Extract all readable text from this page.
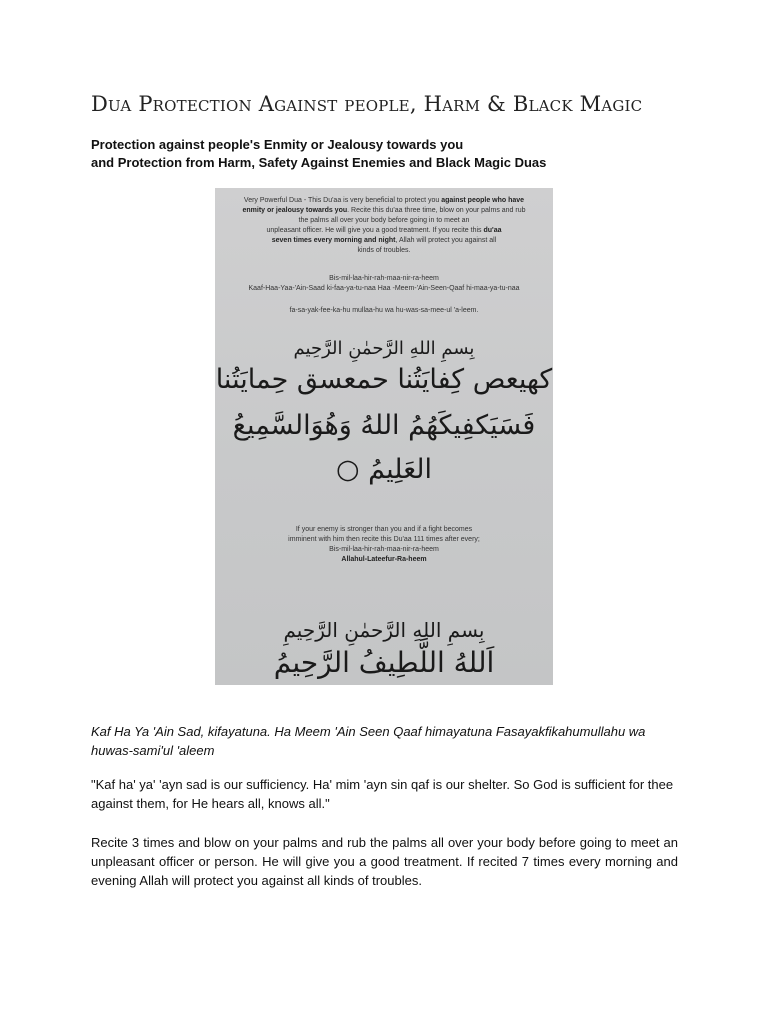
Dua Protection Against people, Harm & Black Magic
Protection against people's Enmity or Jealousy towards you
and Protection from Harm, Safety Against Enemies and Black Magic Duas
Very Powerful Dua - This Du'aa is very beneficial to protect you against people who have
enmity or jealousy towards you. Recite this du'aa three time, blow on your palms and rub
the palms all over your body before going in to meet an
unpleasant officer. He will give you a good treatment. If you recite this du'aa
seven times every morning and night, Allah will protect you against all
kinds of troubles.
Bis-mil-laa-hir-rah-maa-nir-ra-heem
Kaaf-Haa-Yaa-'Ain-Saad ki-faa-ya-tu-naa Haa -Meem-'Ain-Seen-Qaaf hi-maa-ya-tu-naa
fa-sa-yak-fee-ka-hu mullaa-hu wa hu-was-sa-mee-ul 'a-leem.
بِسمِ اللهِ الرَّحمٰنِ الرَّحِيم
كهيعص كِفايَتُنا حمعسق حِمايَتُنا
فَسَيَكفِيكَهُمُ اللهُ وَهُوَالسَّمِيعُ
العَلِيمُ ○
If your enemy is stronger than you and if a fight becomes
imminent with him then recite this Du'aa 111 times after every;
Bis-mil-laa-hir-rah-maa-nir-ra-heem
Allahul-Lateefur-Ra-heem
بِسمِ اللهِ الرَّحمٰنِ الرَّحِيمِ
اَللهُ اللَّطِيفُ الرَّحِيمُ
Kaf Ha Ya 'Ain Sad, kifayatuna. Ha Meem 'Ain Seen Qaaf himayatuna Fasayakfikahumullahu wa huwas-sami'ul 'aleem
"Kaf ha' ya' 'ayn sad is our sufficiency. Ha' mim 'ayn sin qaf is our shelter. So God is sufficient for thee against them, for He hears all, knows all."
Recite 3 times and blow on your palms and rub the palms all over your body before going to meet an unpleasant officer or person. He will give you a good treatment. If recited 7 times every morning and evening Allah will protect you against all kinds of troubles.
